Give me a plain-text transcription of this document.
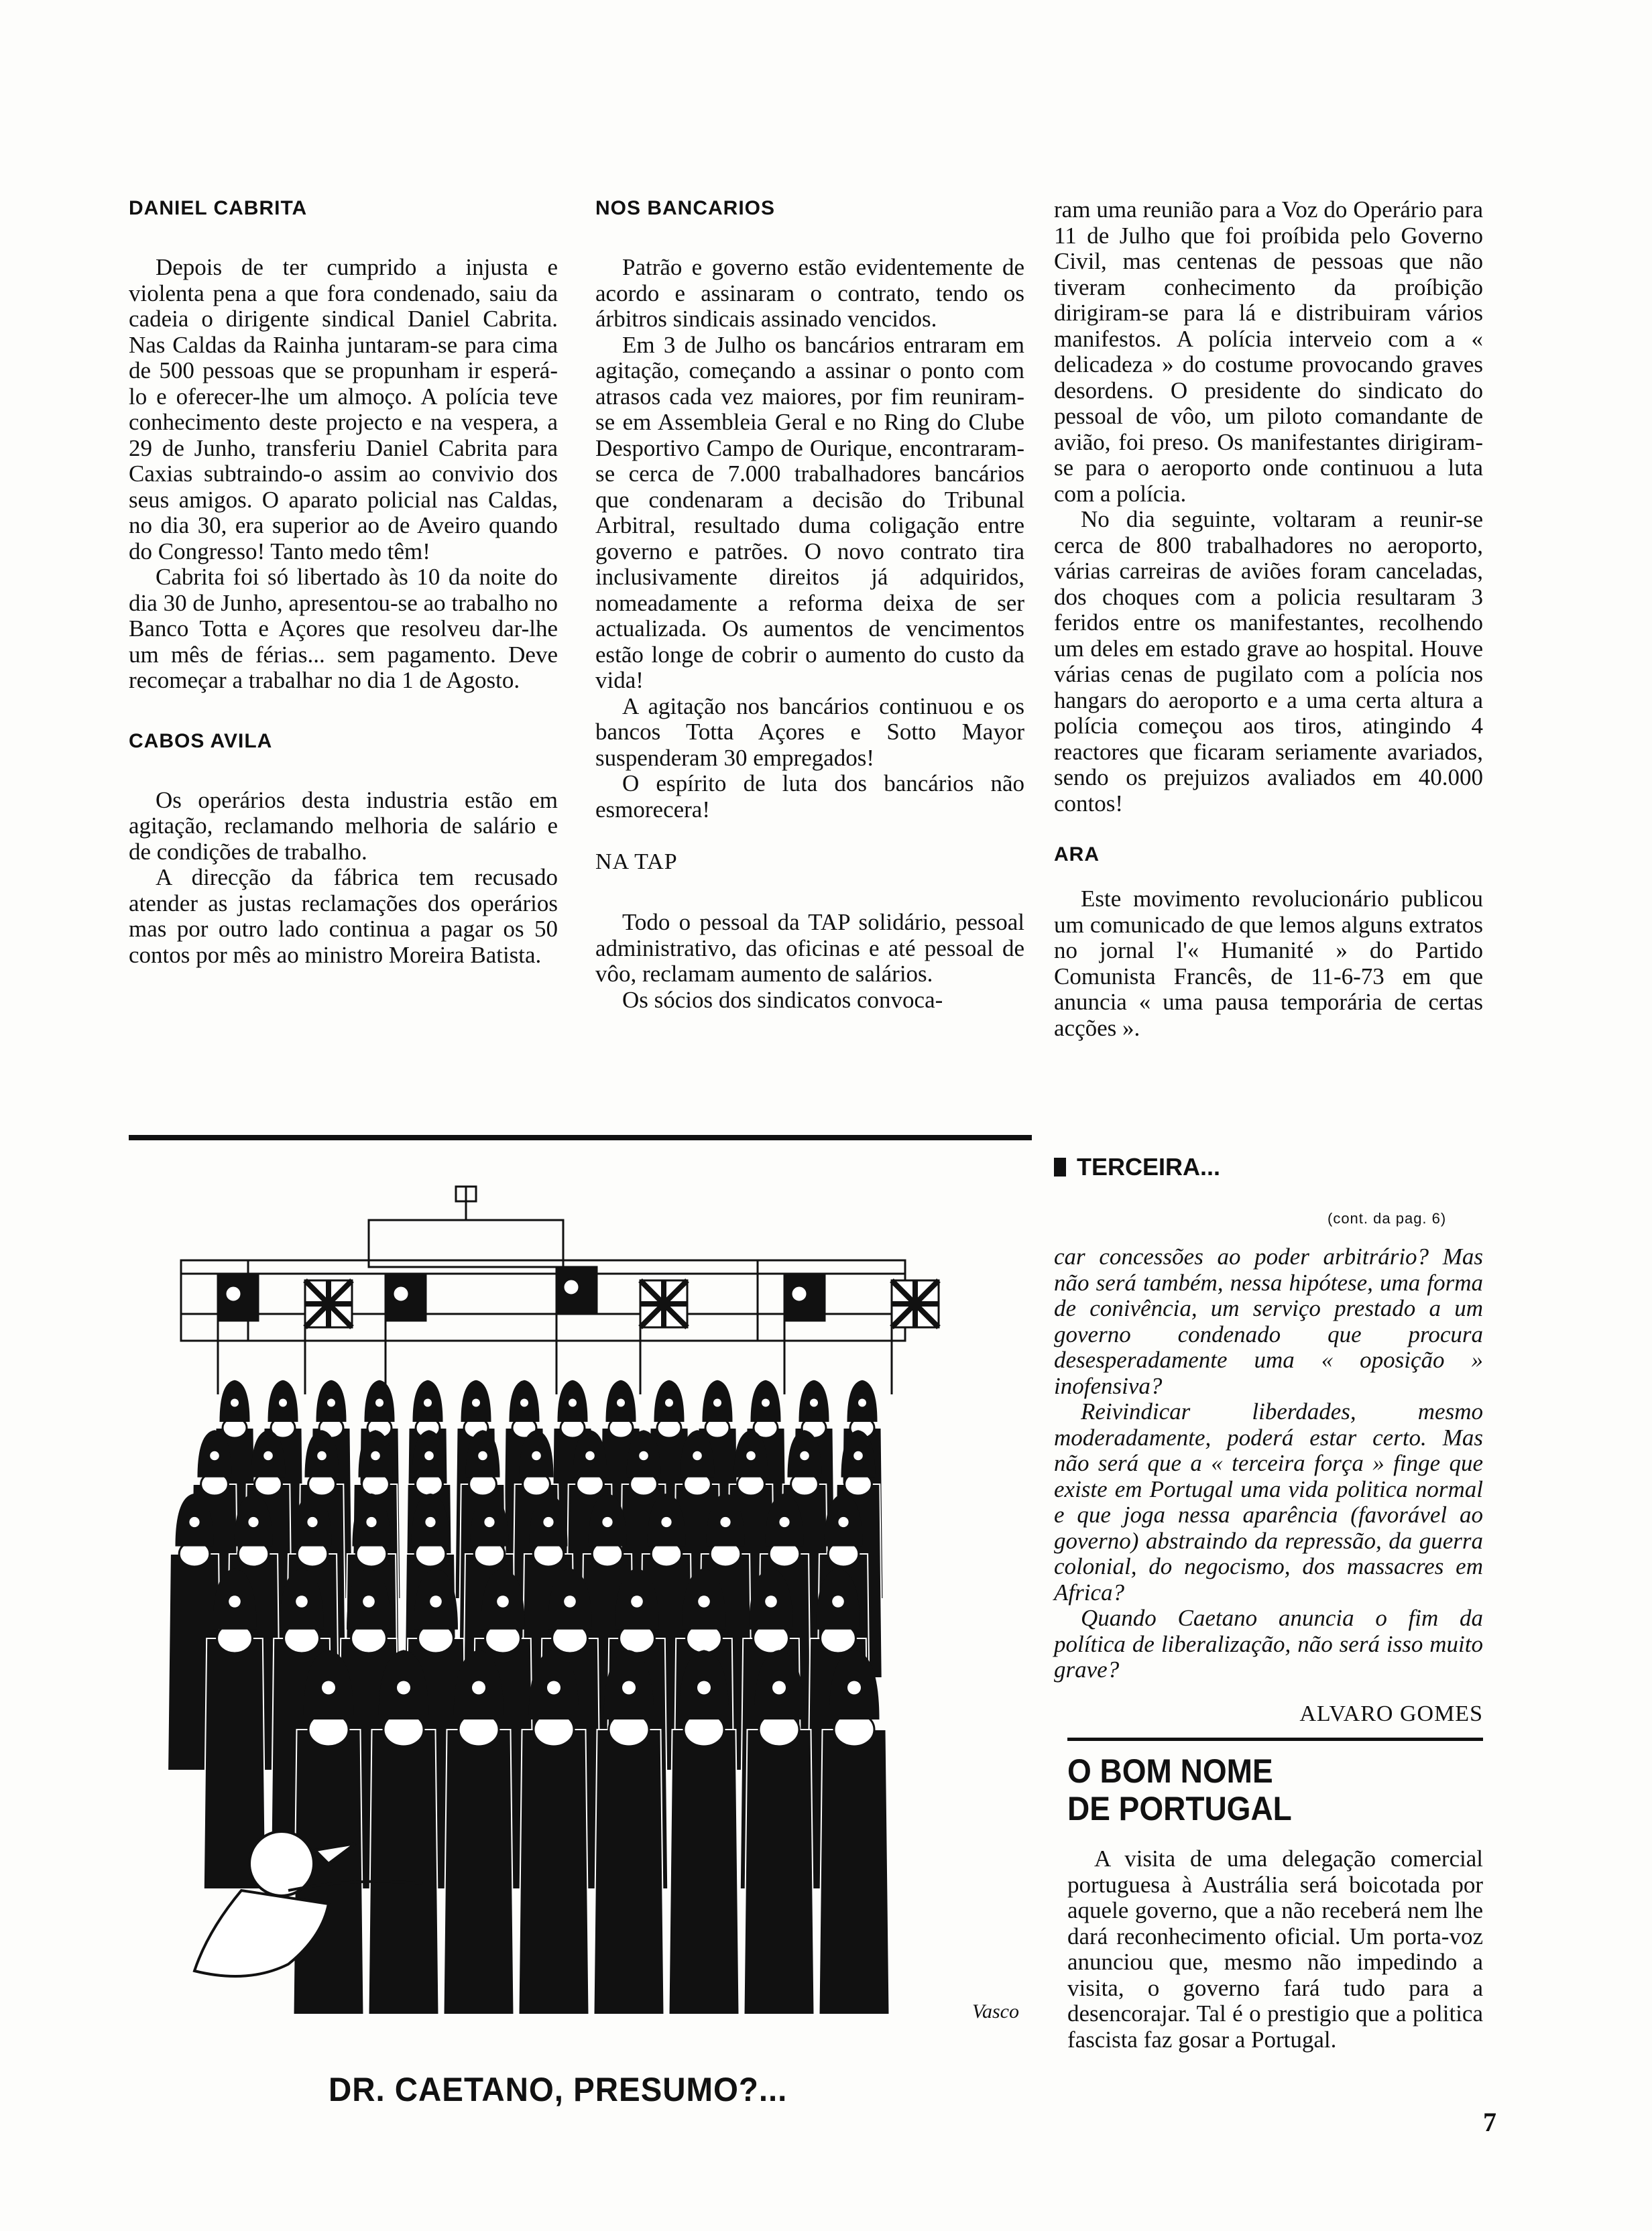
DANIEL CABRITA

Depois de ter cumprido a injusta e violenta pena a que fora condenado, saiu da cadeia o dirigente sindical Daniel Cabrita. Nas Caldas da Rainha juntaram-se para cima de 500 pessoas que se propunham ir esperá-lo e oferecer-lhe um almoço. A polícia teve conhecimento deste projecto e na vespera, a 29 de Junho, transferiu Daniel Cabrita para Caxias subtraindo-o assim ao convivio dos seus amigos. O aparato policial nas Caldas, no dia 30, era superior ao de Aveiro quando do Congresso! Tanto medo têm!

Cabrita foi só libertado às 10 da noite do dia 30 de Junho, apresentou-se ao trabalho no Banco Totta e Açores que resolveu dar-lhe um mês de férias... sem pagamento. Deve recomeçar a trabalhar no dia 1 de Agosto.

CABOS AVILA

Os operários desta industria estão em agitação, reclamando melhoria de salário e de condições de trabalho.

A direcção da fábrica tem recusado atender as justas reclamações dos operários mas por outro lado continua a pagar os 50 contos por mês ao ministro Moreira Batista.

NOS BANCARIOS

Patrão e governo estão evidentemente de acordo e assinaram o contrato, tendo os árbitros sindicais assinado vencidos.

Em 3 de Julho os bancários entraram em agitação, começando a assinar o ponto com atrasos cada vez maiores, por fim reuniram-se em Assembleia Geral e no Ring do Clube Desportivo Campo de Ourique, encontraram-se cerca de 7.000 trabalhadores bancários que condenaram a decisão do Tribunal Arbitral, resultado duma coligação entre governo e patrões. O novo contrato tira inclusivamente direitos já adquiridos, nomeadamente a reforma deixa de ser actualizada. Os aumentos de vencimentos estão longe de cobrir o aumento do custo da vida!

A agitação nos bancários continuou e os bancos Totta Açores e Sotto Mayor suspenderam 30 empregados!

O espírito de luta dos bancários não esmorecera!

NA TAP

Todo o pessoal da TAP solidário, pessoal administrativo, das oficinas e até pessoal de vôo, reclamam aumento de salários.

Os sócios dos sindicatos convoca-

ram uma reunião para a Voz do Operário para 11 de Julho que foi proíbida pelo Governo Civil, mas centenas de pessoas que não tiveram conhecimento da proíbição dirigiram-se para lá e distribuiram vários manifestos. A polícia interveio com a « delicadeza » do costume provocando graves desordens. O presidente do sindicato do pessoal de vôo, um piloto comandante de avião, foi preso. Os manifestantes dirigiram-se para o aeroporto onde continuou a luta com a polícia.

No dia seguinte, voltaram a reunir-se cerca de 800 trabalhadores no aeroporto, várias carreiras de aviões foram canceladas, dos choques com a policia resultaram 3 feridos entre os manifestantes, recolhendo um deles em estado grave ao hospital. Houve várias cenas de pugilato com a polícia nos hangars do aeroporto e a uma certa altura a polícia começou aos tiros, atingindo 4 reactores que ficaram seriamente avariados, sendo os prejuizos avaliados em 40.000 contos!

ARA

Este movimento revolucionário publicou um comunicado de que lemos alguns extratos no jornal l'« Humanité » do Partido Comunista Francês, de 11-6-73 em que anuncia « uma pausa temporária de certas acções ».

TERCEIRA...
(cont. da pag. 6)

car concessões ao poder arbitrário? Mas não será também, nessa hipótese, uma forma de conivência, um serviço prestado a um governo condenado que procura desesperadamente uma « oposição » inofensiva?

Reivindicar liberdades, mesmo moderadamente, poderá estar certo. Mas não será que a « terceira força » finge que existe em Portugal uma vida politica normal e que joga nessa aparência (favorável ao governo) abstraindo da repressão, da guerra colonial, do negocismo, dos massacres em Africa?

Quando Caetano anuncia o fim da política de liberalização, não será isso muito grave?

ALVARO GOMES
O BOM NOME
DE PORTUGAL

A visita de uma delegação comercial portuguesa à Austrália será boicotada por aquele governo, que a não receberá nem lhe dará reconhecimento oficial. Um porta-voz anunciou que, mesmo não impedindo a visita, o governo fará tudo para a desencorajar. Tal é o prestigio que a politica fascista faz gosar a Portugal.

Vasco
DR. CAETANO, PRESUMO?...
7
